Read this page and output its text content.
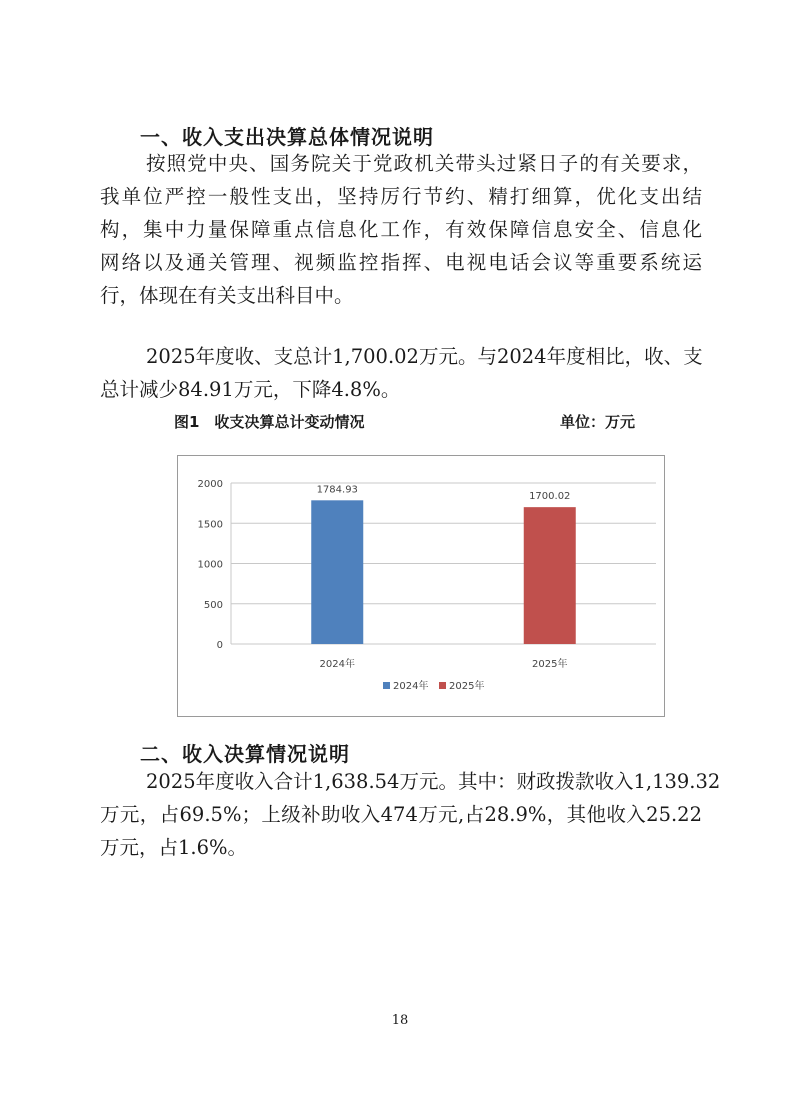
一、收入支出决算总体情况说明
按照党中央、国务院关于党政机关带头过紧日子的有关要求，
我单位严控一般性支出，坚持厉行节约、精打细算，优化支出结
构，集中力量保障重点信息化工作，有效保障信息安全、信息化
网络以及通关管理、视频监控指挥、电视电话会议等重要系统运
行，体现在有关支出科目中。
2025年度收、支总计1,700.02万元。与2024年度相比，收、支
总计减少84.91万元，下降4.8%。
图1　收支决算总计变动情况	单位：万元
0
500
1000
1500
2000	1784.93
2024年
1700.02
2025年
2024年 2025年
二、收入决算情况说明
2025年度收入合计1,638.54万元。其中：财政拨款收入1,139.32
万元，占69.5%；上级补助收入474万元,占28.9%，其他收入25.22
万元，占1.6%。
18
